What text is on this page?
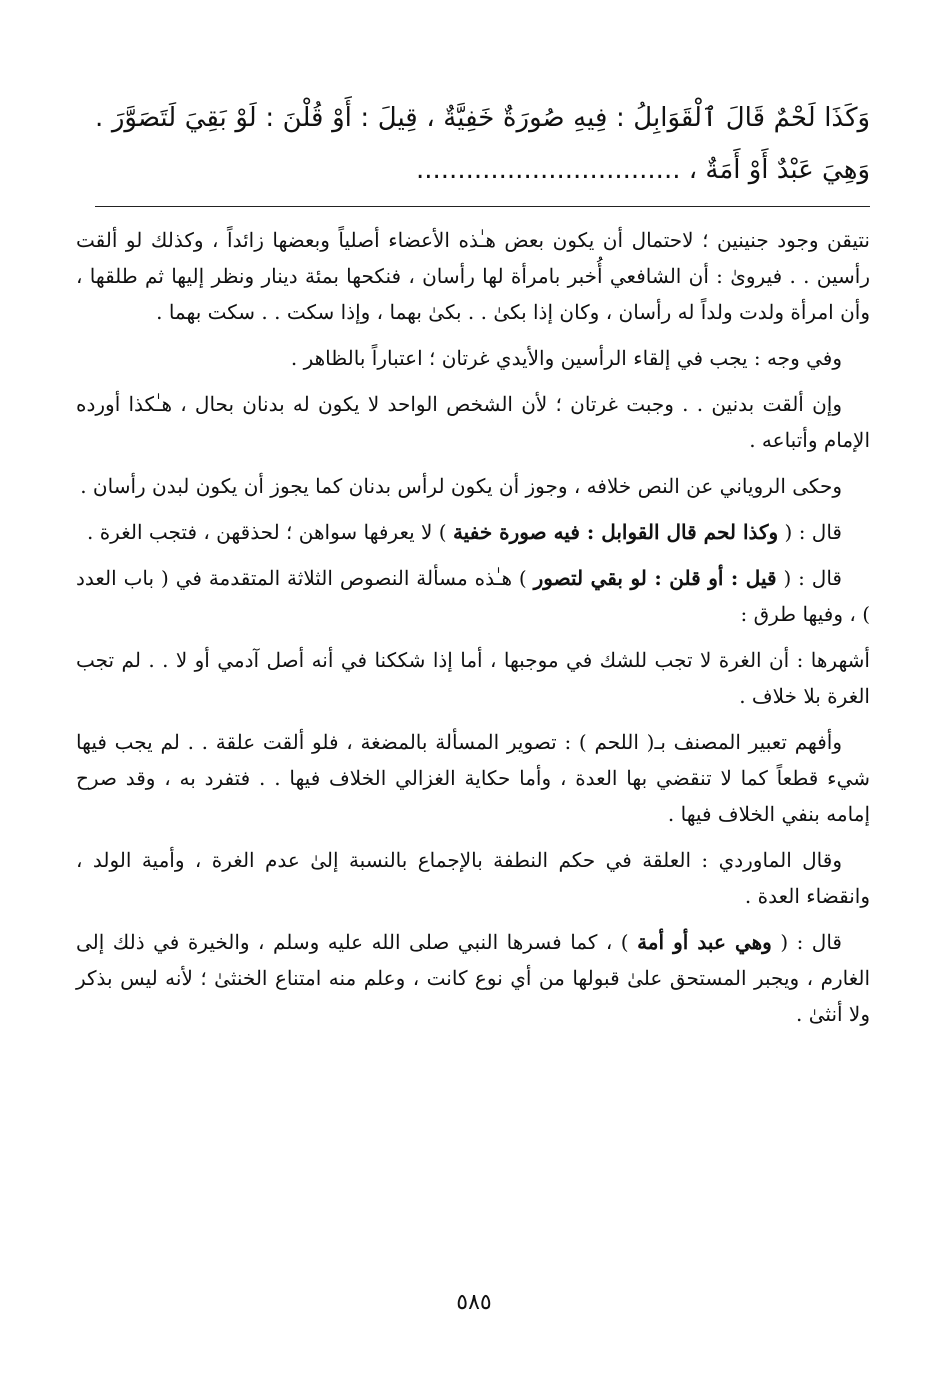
وَكَذَا لَحْمٌ قَالَ ٱلْقَوَابِلُ : فِيهِ صُورَةٌ خَفِيَّةٌ ، قِيلَ : أَوْ قُلْنَ : لَوْ بَقِيَ لَتَصَوَّرَ . وَهِيَ عَبْدٌ أَوْ أَمَةٌ ، ................................

نتيقن وجود جنينين ؛ لاحتمال أن يكون بعض هـٰذه الأعضاء أصلياً وبعضها زائداً ، وكذلك لو ألقت رأسين . . فيروىٰ : أن الشافعي أُخبر بامرأة لها رأسان ، فنكحها بمئة دينار ونظر إليها ثم طلقها ، وأن امرأة ولدت ولداً له رأسان ، وكان إذا بكىٰ . . بكىٰ بهما ، وإذا سكت . . سكت بهما .

وفي وجه : يجب في إلقاء الرأسين والأيدي غرتان ؛ اعتباراً بالظاهر .

وإن ألقت بدنين . . وجبت غرتان ؛ لأن الشخص الواحد لا يكون له بدنان بحال ، هـٰكذا أورده الإمام وأتباعه .

وحكى الروياني عن النص خلافه ، وجوز أن يكون لرأس بدنان كما يجوز أن يكون لبدن رأسان .

قال : ( وكذا لحم قال القوابل : فيه صورة خفية ) لا يعرفها سواهن ؛ لحذقهن ، فتجب الغرة .

قال : ( قيل : أو قلن : لو بقي لتصور ) هـٰذه مسألة النصوص الثلاثة المتقدمة في ( باب العدد ) ، وفيها طرق :

أشهرها : أن الغرة لا تجب للشك في موجبها ، أما إذا شككنا في أنه أصل آدمي أو لا . . لم تجب الغرة بلا خلاف .

وأفهم تعبير المصنف بـ( اللحم ) : تصوير المسألة بالمضغة ، فلو ألقت علقة . . لم يجب فيها شيء قطعاً كما لا تنقضي بها العدة ، وأما حكاية الغزالي الخلاف فيها . . فتفرد به ، وقد صرح إمامه بنفي الخلاف فيها .

وقال الماوردي : العلقة في حكم النطفة بالإجماع بالنسبة إلىٰ عدم الغرة ، وأمية الولد ، وانقضاء العدة .

قال : ( وهي عبد أو أمة ) ، كما فسرها النبي صلى الله عليه وسلم ، والخيرة في ذلك إلى الغارم ، ويجبر المستحق علىٰ قبولها من أي نوع كانت ، وعلم منه امتناع الخنثىٰ ؛ لأنه ليس بذكر ولا أنثىٰ .

٥٨٥
